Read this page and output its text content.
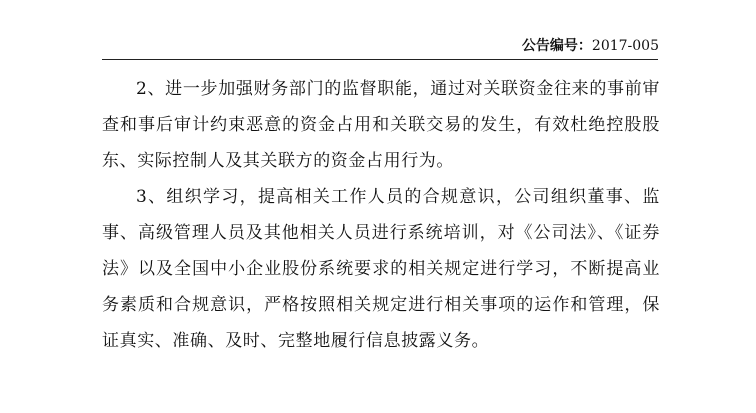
公告编号：2017-005

2、进一步加强财务部门的监督职能，通过对关联资金往来的事前审查和事后审计约束恶意的资金占用和关联交易的发生，有效杜绝控股股东、实际控制人及其关联方的资金占用行为。

3、组织学习，提高相关工作人员的合规意识，公司组织董事、监事、高级管理人员及其他相关人员进行系统培训，对《公司法》、《证券法》以及全国中小企业股份系统要求的相关规定进行学习，不断提高业务素质和合规意识，严格按照相关规定进行相关事项的运作和管理，保证真实、准确、及时、完整地履行信息披露义务。
